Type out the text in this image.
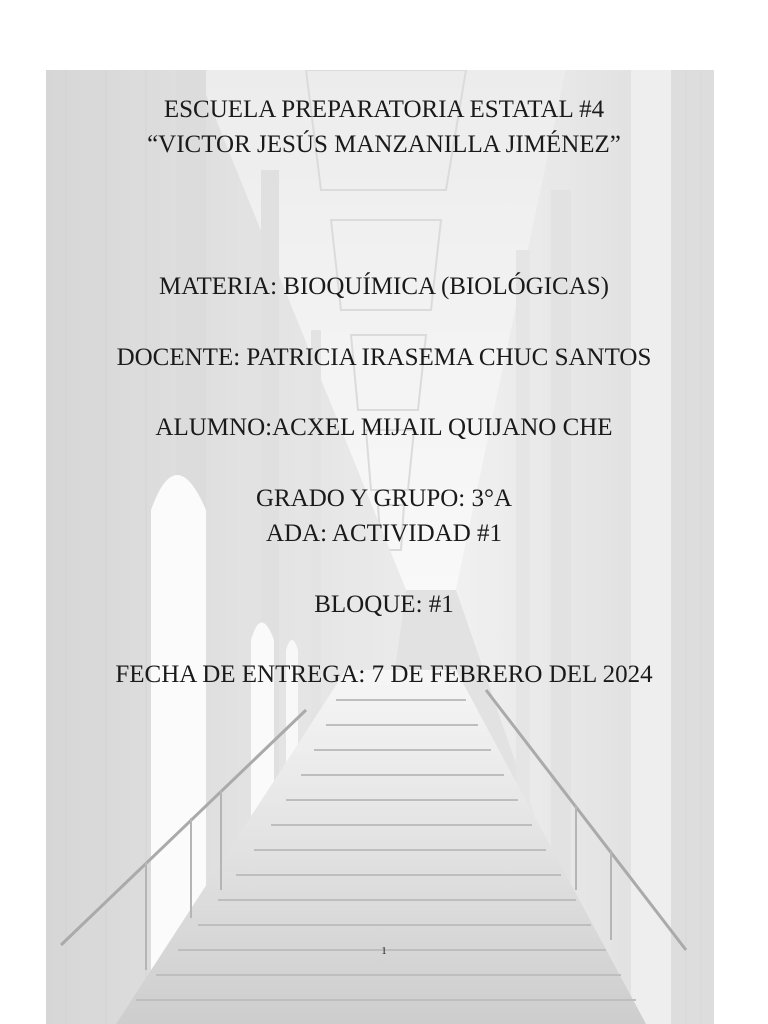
ESCUELA PREPARATORIA ESTATAL #4
“VICTOR JESÚS MANZANILLA JIMÉNEZ”
MATERIA: BIOQUÍMICA (BIOLÓGICAS)
DOCENTE: PATRICIA IRASEMA CHUC SANTOS
ALUMNO:ACXEL MIJAIL QUIJANO CHE
GRADO Y GRUPO: 3°A
ADA: ACTIVIDAD #1
BLOQUE: #1
FECHA DE ENTREGA: 7 DE FEBRERO DEL 2024
1
